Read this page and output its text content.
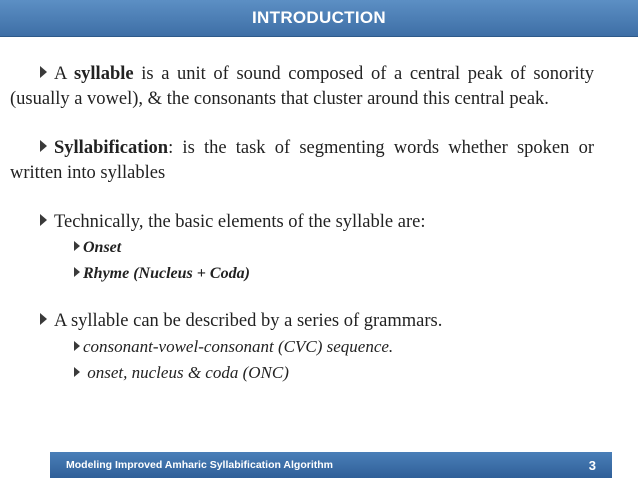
INTRODUCTION

A syllable is a unit of sound composed of a central peak of sonority (usually a vowel), & the consonants that cluster around this central peak.

Syllabification: is the task of segmenting words whether spoken or written into syllables

Technically, the basic elements of the syllable are:

Onset
Rhyme (Nucleus + Coda)

A syllable can be described by a series of grammars.

consonant-vowel-consonant (CVC) sequence.
onset, nucleus & coda (ONC)
Modeling Improved Amharic Syllabification Algorithm	3
